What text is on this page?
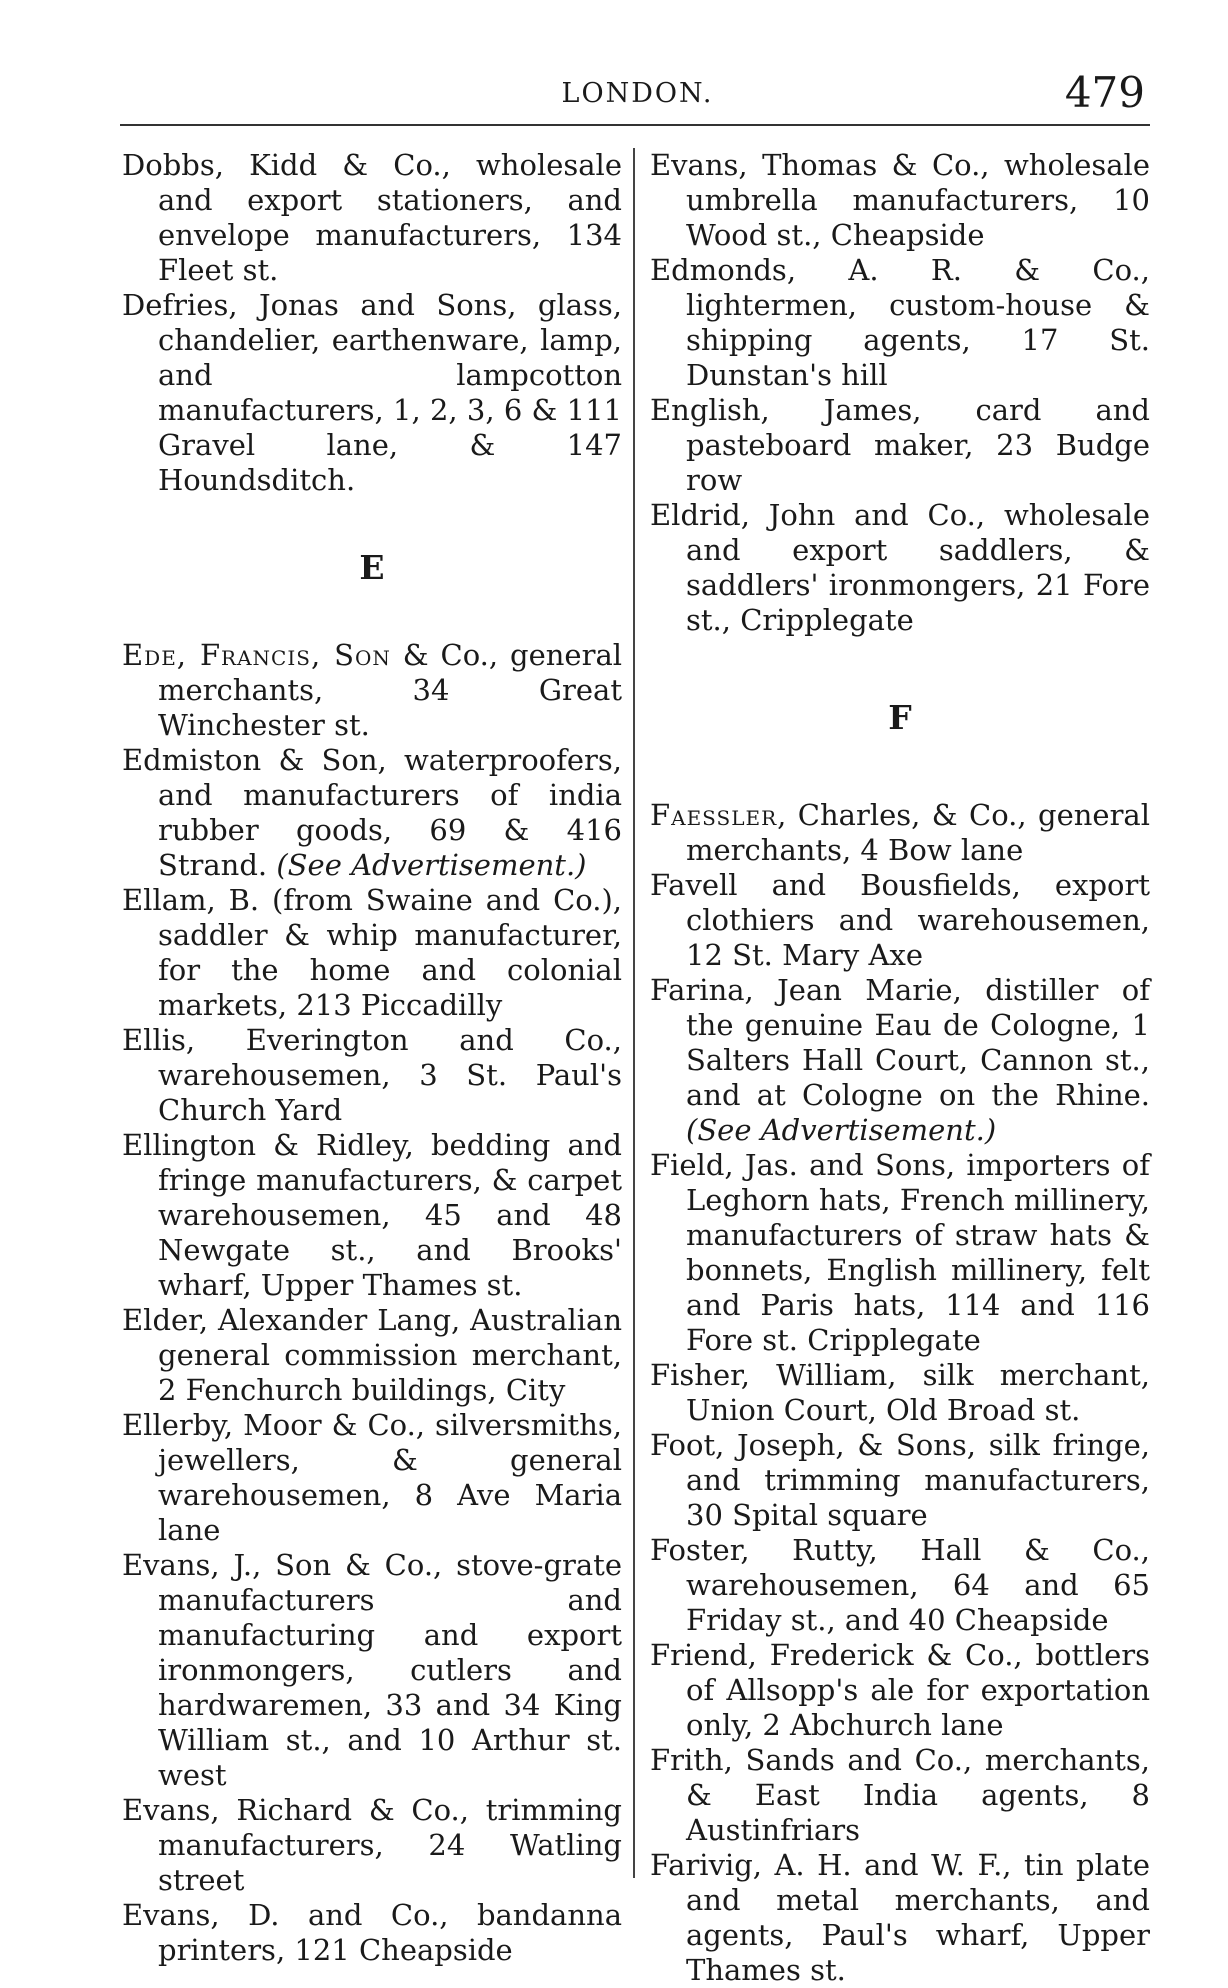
LONDON.	479

Dobbs, Kidd & Co., wholesale and export stationers, and envelope manufacturers, 134 Fleet st.

Defries, Jonas and Sons, glass, chandelier, earthenware, lamp, and lampcotton manufacturers, 1, 2, 3, 6 & 111 Gravel lane, & 147 Houndsditch.

E

Ede, Francis, Son & Co., general merchants, 34 Great Winchester st.

Edmiston & Son, waterproofers, and manufacturers of india rubber goods, 69 & 416 Strand. (See Advertisement.)

Ellam, B. (from Swaine and Co.), saddler & whip manufacturer, for the home and colonial markets, 213 Piccadilly

Ellis, Everington and Co., warehousemen, 3 St. Paul's Church Yard

Ellington & Ridley, bedding and fringe manufacturers, & carpet warehousemen, 45 and 48 Newgate st., and Brooks' wharf, Upper Thames st.

Elder, Alexander Lang, Australian general commission merchant, 2 Fenchurch buildings, City

Ellerby, Moor & Co., silversmiths, jewellers, & general warehousemen, 8 Ave Maria lane

Evans, J., Son & Co., stove-grate manufacturers and manufacturing and export ironmongers, cutlers and hardwaremen, 33 and 34 King William st., and 10 Arthur st. west

Evans, Richard & Co., trimming manufacturers, 24 Watling street

Evans, D. and Co., bandanna printers, 121 Cheapside

Evans, Thomas & Co., wholesale umbrella manufacturers, 10 Wood st., Cheapside

Edmonds, A. R. & Co., lightermen, custom-house & shipping agents, 17 St. Dunstan's hill

English, James, card and pasteboard maker, 23 Budge row

Eldrid, John and Co., wholesale and export saddlers, & saddlers' ironmongers, 21 Fore st., Cripplegate

F

Faessler, Charles, & Co., general merchants, 4 Bow lane

Favell and Bousfields, export clothiers and warehousemen, 12 St. Mary Axe

Farina, Jean Marie, distiller of the genuine Eau de Cologne, 1 Salters Hall Court, Cannon st., and at Cologne on the Rhine. (See Advertisement.)

Field, Jas. and Sons, importers of Leghorn hats, French millinery, manufacturers of straw hats & bonnets, English millinery, felt and Paris hats, 114 and 116 Fore st. Cripplegate

Fisher, William, silk merchant, Union Court, Old Broad st.

Foot, Joseph, & Sons, silk fringe, and trimming manufacturers, 30 Spital square

Foster, Rutty, Hall & Co., warehousemen, 64 and 65 Friday st., and 40 Cheapside

Friend, Frederick & Co., bottlers of Allsopp's ale for exportation only, 2 Abchurch lane

Frith, Sands and Co., merchants, & East India agents, 8 Austinfriars

Farivig, A. H. and W. F., tin plate and metal merchants, and agents, Paul's wharf, Upper Thames st.
